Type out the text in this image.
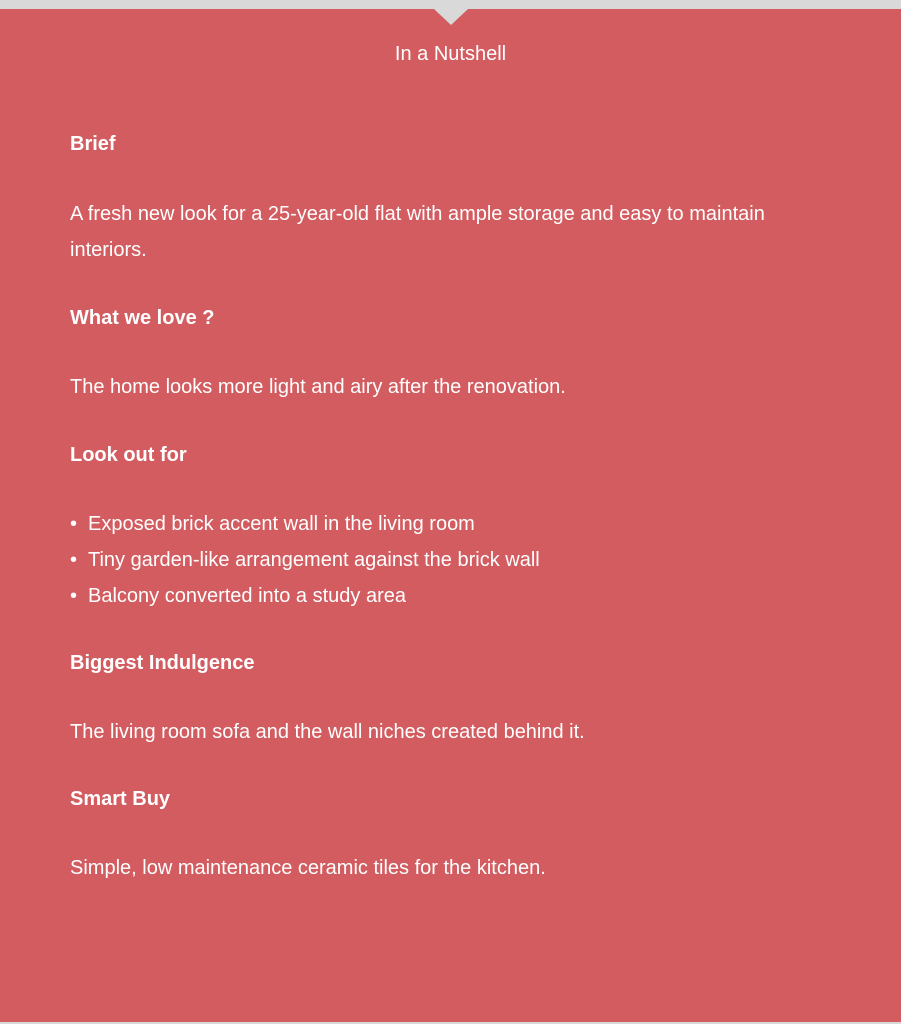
In a Nutshell
Brief
A fresh new look for a 25-year-old flat with ample storage and easy to maintain interiors.
What we love ?
The home looks more light and airy after the renovation.
Look out for
• Exposed brick accent wall in the living room
• Tiny garden-like arrangement against the brick wall
• Balcony converted into a study area
Biggest Indulgence
The living room sofa and the wall niches created behind it.
Smart Buy
Simple, low maintenance ceramic tiles for the kitchen.
